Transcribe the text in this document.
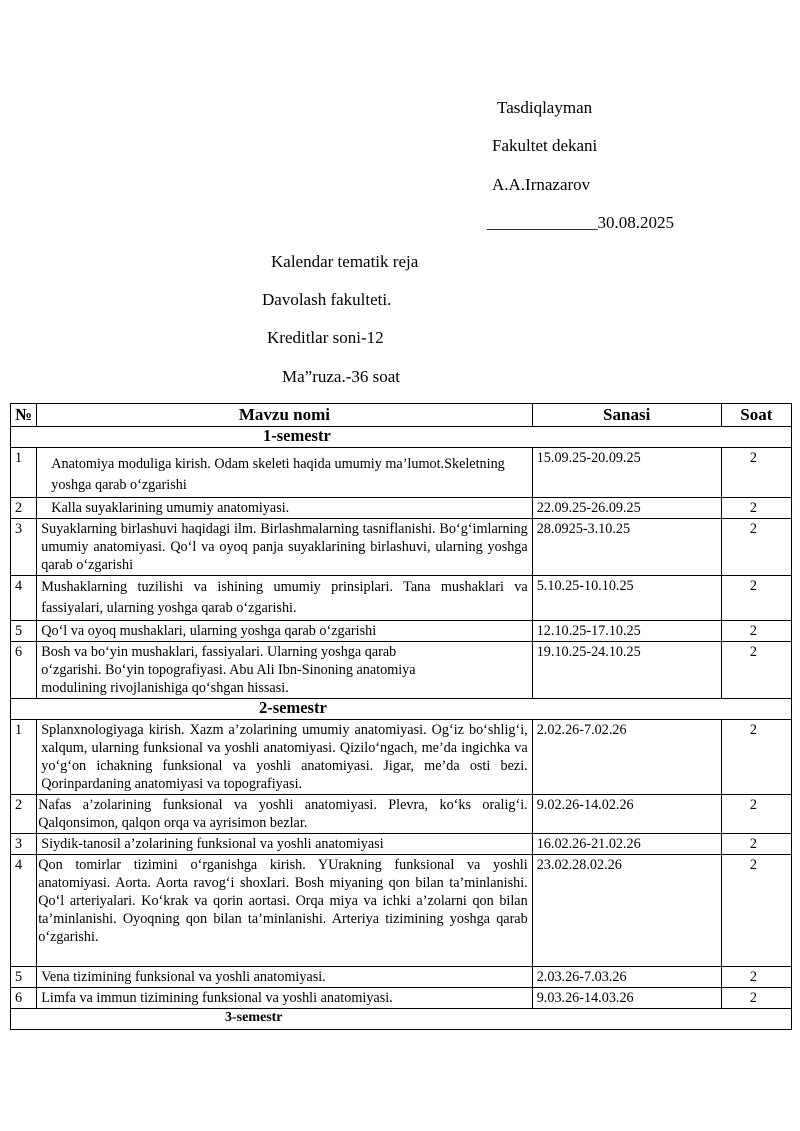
Tasdiqlayman
Fakultet dekani
A.A.Irnazarov
_____________30.08.2025
Kalendar tematik reja
Davolash fakulteti.
Kreditlar soni-12
Ma”ruza.-36 soat
№	Mavzu nomi	Sanasi	Soat
1-semestr			
1	Anatomiya moduliga kirish. Odam skeleti haqida umumiy ma’lumot.Skeletning yoshga qarab o‘zgarishi	15.09.25-20.09.25	2
2	Kalla suyaklarining umumiy anatomiyasi.	22.09.25-26.09.25	2
3	Suyaklarning birlashuvi haqidagi ilm. Birlashmalarning tasniflanishi. Bo‘g‘imlarning umumiy anatomiyasi. Qo‘l va oyoq panja suyaklarining birlashuvi, ularning yoshga qarab o‘zgarishi	28.0925-3.10.25	2
4	Mushaklarning tuzilishi va ishining umumiy prinsiplari. Tana mushaklari va fassiyalari, ularning yoshga qarab o‘zgarishi.	5.10.25-10.10.25	2
5	Qo‘l va oyoq mushaklari, ularning yoshga qarab o‘zgarishi	12.10.25-17.10.25	2
6	Bosh va bo‘yin mushaklari, fassiyalari. Ularning yoshga qarab o‘zgarishi. Bo‘yin topografiyasi. Abu Ali Ibn-Sinoning anatomiya modulining rivojlanishiga qo‘shgan hissasi.	19.10.25-24.10.25	2
2-semestr			
1	Splanxnologiyaga kirish. Xazm a’zolarining umumiy anatomiyasi. Og‘iz bo‘shlig‘i, xalqum, ularning funksional va yoshli anatomiyasi. Qizilo‘ngach, me’da ingichka va yo‘g‘on ichakning funksional va yoshli anatomiyasi. Jigar, me’da osti bezi. Qorinpardaning anatomiyasi va topografiyasi.	2.02.26-7.02.26	2
2	Nafas a’zolarining funksional va yoshli anatomiyasi. Plevra, ko‘ks oralig‘i. Qalqonsimon, qalqon orqa va ayrisimon bezlar.	9.02.26-14.02.26	2
3	Siydik-tanosil a’zolarining funksional va yoshli anatomiyasi	16.02.26-21.02.26	2
4	Qon tomirlar tizimini o‘rganishga kirish. YUrakning funksional va yoshli anatomiyasi. Aorta. Aorta ravog‘i shoxlari. Bosh miyaning qon bilan ta’minlanishi. Qo‘l arteriyalari. Ko‘krak va qorin aortasi. Orqa miya va ichki a’zolarni qon bilan ta’minlanishi. Oyoqning qon bilan ta’minlanishi. Arteriya tizimining yoshga qarab o‘zgarishi.	23.02.28.02.26	2
5	Vena tizimining funksional va yoshli anatomiyasi.	2.03.26-7.03.26	2
6	Limfa va immun tizimining funksional va yoshli anatomiyasi.	9.03.26-14.03.26	2
3-semestr			
